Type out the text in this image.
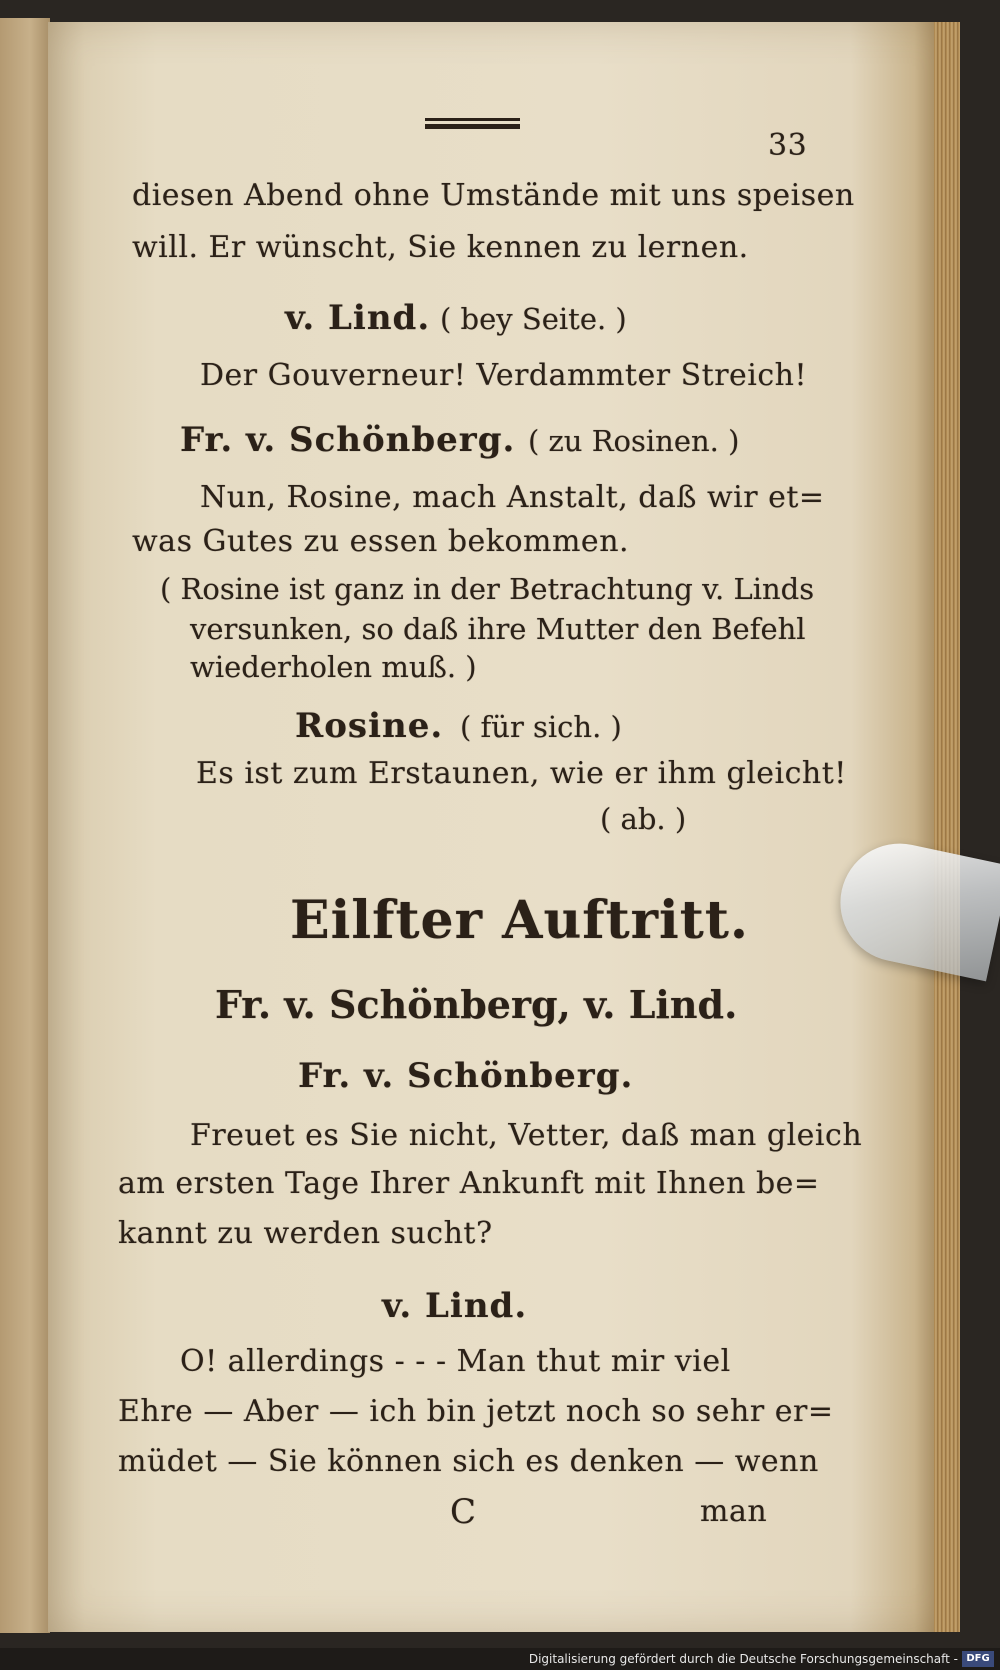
33
diesen Abend ohne Umstände mit uns speisen
will. Er wünscht, Sie kennen zu lernen.
v. Lind. ( bey Seite. )
Der Gouverneur! Verdammter Streich!
Fr. v. Schönberg. ( zu Rosinen. )
Nun, Rosine, mach Anstalt, daß wir et=
was Gutes zu essen bekommen.
( Rosine ist ganz in der Betrachtung v. Linds
versunken, so daß ihre Mutter den Befehl
wiederholen muß. )
Rosine. ( für sich. )
Es ist zum Erstaunen, wie er ihm gleicht!
( ab. )
Eilfter Auftritt.
Fr. v. Schönberg, v. Lind.
Fr. v. Schönberg.
Freuet es Sie nicht, Vetter, daß man gleich
am ersten Tage Ihrer Ankunft mit Ihnen be=
kannt zu werden sucht?
v. Lind.
O! allerdings - - - Man thut mir viel
Ehre — Aber — ich bin jetzt noch so sehr er=
müdet — Sie können sich es denken — wenn
C	man
Digitalisierung gefördert durch die Deutsche Forschungsgemeinschaft - DFG
